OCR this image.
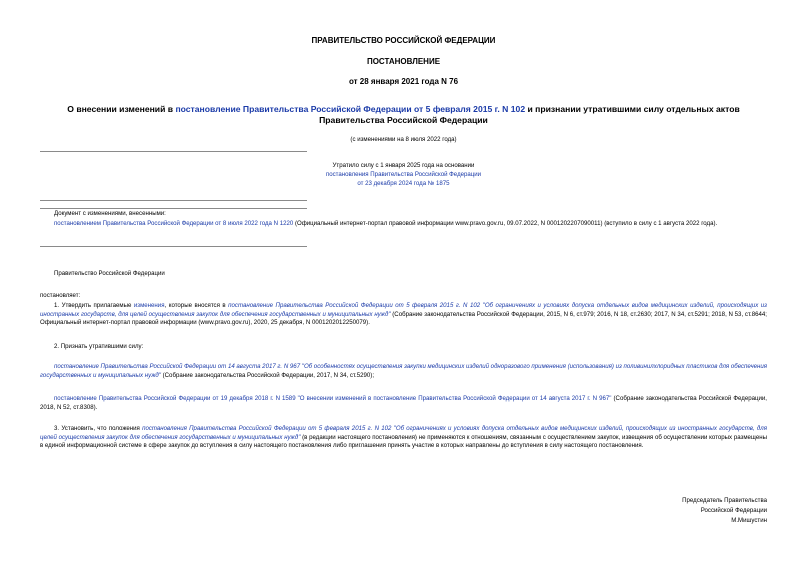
ПРАВИТЕЛЬСТВО РОССИЙСКОЙ ФЕДЕРАЦИИ
ПОСТАНОВЛЕНИЕ
от 28 января 2021 года N 76
О внесении изменений в постановление Правительства Российской Федерации от 5 февраля 2015 г. N 102 и признании утратившими силу отдельных актов Правительства Российской Федерации
(с изменениями на 8 июля 2022 года)
Утратило силу с 1 января 2025 года на основании
постановления Правительства Российской Федерации
от 23 декабря 2024 года № 1875
Документ с изменениями, внесенными:
постановлением Правительства Российской Федерации от 8 июля 2022 года N 1220 (Официальный интернет-портал правовой информации www.pravo.gov.ru, 09.07.2022, N 0001202207090011) (вступило в силу с 1 августа 2022 года).
Правительство Российской Федерации
постановляет:
1. Утвердить прилагаемые изменения, которые вносятся в постановление Правительства Российской Федерации от 5 февраля 2015 г. N 102 "Об ограничениях и условиях допуска отдельных видов медицинских изделий, происходящих из иностранных государств, для целей осуществления закупок для обеспечения государственных и муниципальных нужд" (Собрание законодательства Российской Федерации, 2015, N 6, ст.979; 2016, N 18, ст.2630; 2017, N 34, ст.5291; 2018, N 53, ст.8644; Официальный интернет-портал правовой информации (www.pravo.gov.ru), 2020, 25 декабря, N 0001202012250079).
2. Признать утратившими силу:
постановление Правительства Российской Федерации от 14 августа 2017 г. N 967 "Об особенностях осуществления закупки медицинских изделий одноразового применения (использования) из поливинилхлоридных пластиков для обеспечения государственных и муниципальных нужд" (Собрание законодательства Российской Федерации, 2017, N 34, ст.5290);
постановление Правительства Российской Федерации от 19 декабря 2018 г. N 1589 "О внесении изменений в постановление Правительства Российской Федерации от 14 августа 2017 г. N 967" (Собрание законодательства Российской Федерации, 2018, N 52, ст.8308).
3. Установить, что положения постановления Правительства Российской Федерации от 5 февраля 2015 г. N 102 "Об ограничениях и условиях допуска отдельных видов медицинских изделий, происходящих из иностранных государств, для целей осуществления закупок для обеспечения государственных и муниципальных нужд" (в редакции настоящего постановления) не применяются к отношениям, связанным с осуществлением закупок, извещения об осуществлении которых размещены в единой информационной системе в сфере закупок до вступления в силу настоящего постановления либо приглашения принять участие в которых направлены до вступления в силу настоящего постановления.
Председатель Правительства
Российской Федерации
М.Мишустин
